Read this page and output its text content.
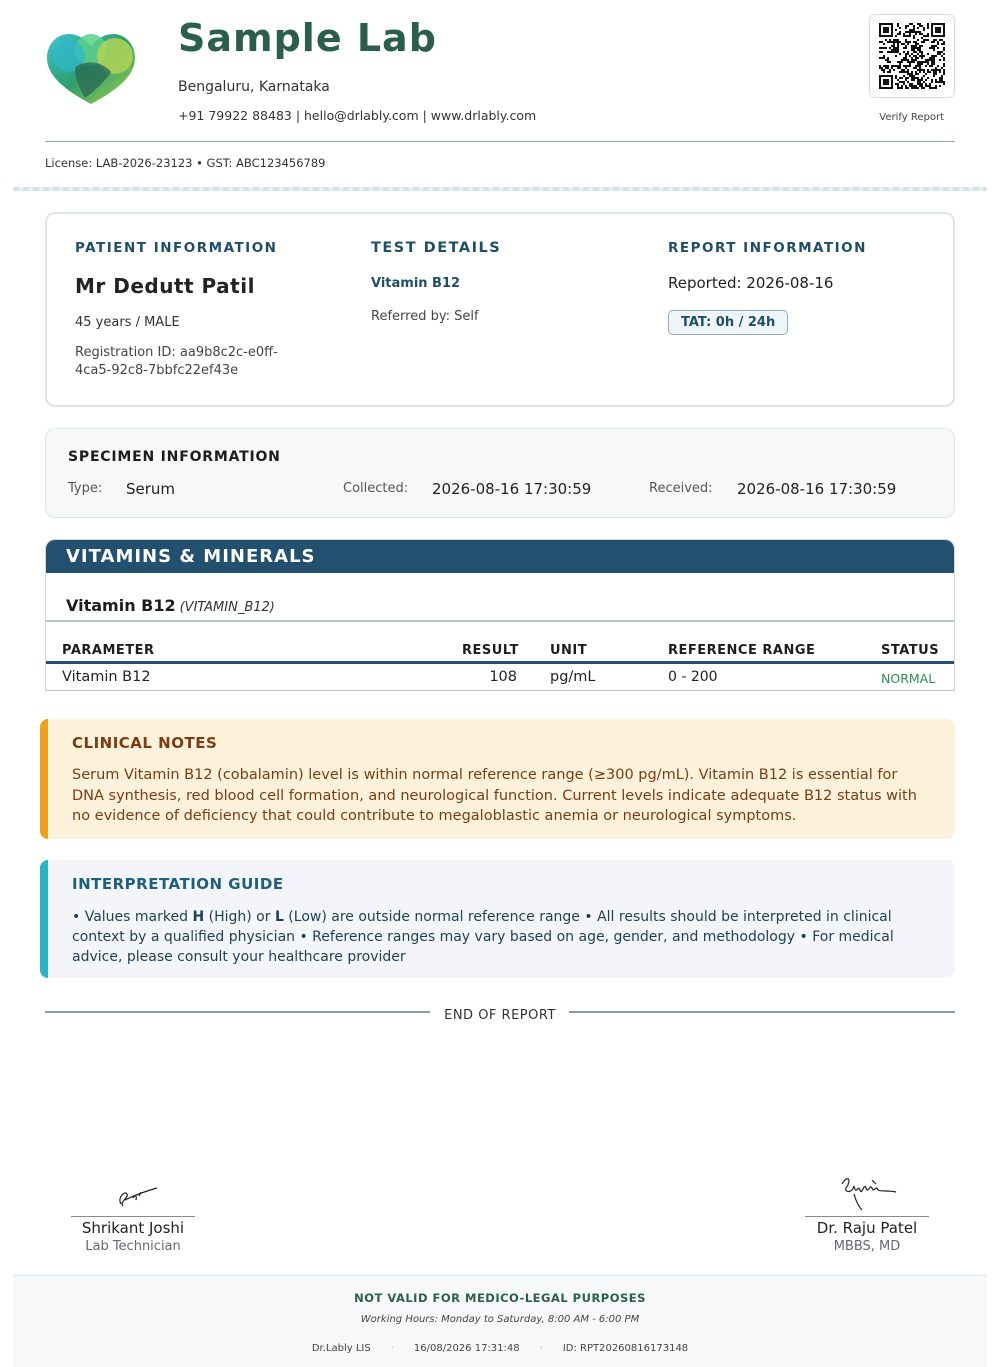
Sample Lab
Bengaluru, Karnataka
+91 79922 88483 | hello@drlably.com | www.drlably.com	Verify Report
License: LAB-2026-23123 • GST: ABC123456789
PATIENT INFORMATION
Mr Dedutt Patil
45 years / MALE
Registration ID: aa9b8c2c-e0ff-4ca5-92c8-7bbfc22ef43e
TEST DETAILS
Vitamin B12
Referred by: Self
REPORT INFORMATION
Reported: 2026-08-16
TAT: 0h / 24h
SPECIMEN INFORMATION
Type: Serum	Collected: 2026-08-16 17:30:59	Received: 2026-08-16 17:30:59
VITAMINS & MINERALS
Vitamin B12 (VITAMIN_B12)
PARAMETER	RESULT UNIT	REFERENCE RANGE	STATUS
Vitamin B12	108 pg/mL	0 - 200	NORMAL
CLINICAL NOTES

Serum Vitamin B12 (cobalamin) level is within normal reference range (≥300 pg/mL). Vitamin B12 is essential for DNA synthesis, red blood cell formation, and neurological function. Current levels indicate adequate B12 status with no evidence of deficiency that could contribute to megaloblastic anemia or neurological symptoms.

INTERPRETATION GUIDE

• Values marked H (High) or L (Low) are outside normal reference range • All results should be interpreted in clinical context by a qualified physician • Reference ranges may vary based on age, gender, and methodology • For medical advice, please consult your healthcare provider

END OF REPORT
Shrikant Joshi
Lab Technician
Dr. Raju Patel
MBBS, MD
NOT VALID FOR MEDICO-LEGAL PURPOSES
Working Hours: Monday to Saturday, 8:00 AM - 6:00 PM
Dr.Lably LIS · 16/08/2026 17:31:48 · ID: RPT20260816173148
